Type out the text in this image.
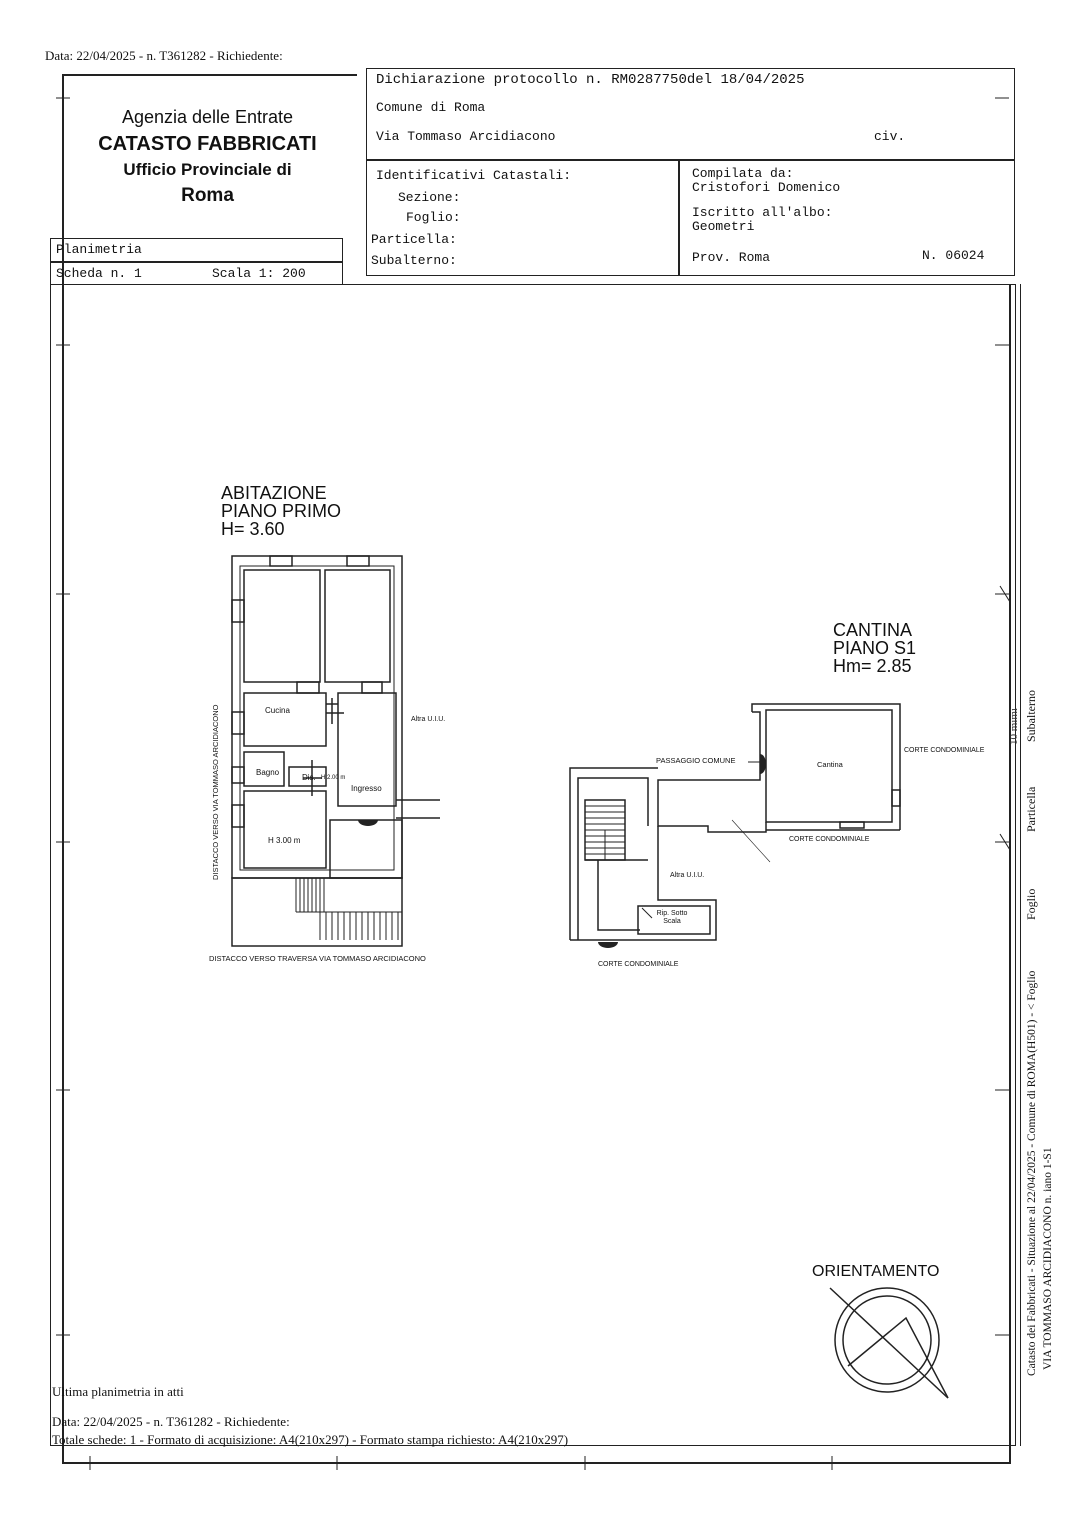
Data: 22/04/2025 - n. T361282 - Richiedente:
Agenzia delle Entrate
CATASTO FABBRICATI
Ufficio Provinciale di
Roma
Dichiarazione protocollo n. RM0287750del 18/04/2025
Comune di Roma
Via Tommaso Arcidiacono	civ.
Identificativi Catastali:
Sezione:
Foglio:
Particella:
Subalterno:
Compilata da:
Cristofori Domenico
Iscritto all'albo:
Geometri
Prov. Roma	N. 06024
Planimetria
Scheda n. 1	Scala 1: 200
Subalterno
10 mimi
Particella
Foglio
Catasto dei Fabbricati - Situazione al 22/04/2025 - Comune di ROMA(H501) - < Foglio VIA TOMMASO ARCIDIACONO n. iano 1-S1
ABITAZIONE
PIANO PRIMO
H= 3.60
Cucina
Bagno
Dis. H 2.00 m
Ingresso
H 3.00 m
Altra U.I.U.
DISTACCO VERSO VIA TOMMASO ARCIDIACONO
DISTACCO VERSO TRAVERSA VIA TOMMASO ARCIDIACONO
CANTINA
PIANO S1
Hm= 2.85
PASSAGGIO COMUNE	Cantina
CORTE CONDOMINIALE
CORTE CONDOMINIALE
CORTE CONDOMINIALE
Altra U.I.U.
Rip. Sotto
Scala
ORIENTAMENTO
Ultima planimetria in atti
Data: 22/04/2025 - n. T361282 - Richiedente:
Totale schede: 1 - Formato di acquisizione: A4(210x297) - Formato stampa richiesto: A4(210x297)
